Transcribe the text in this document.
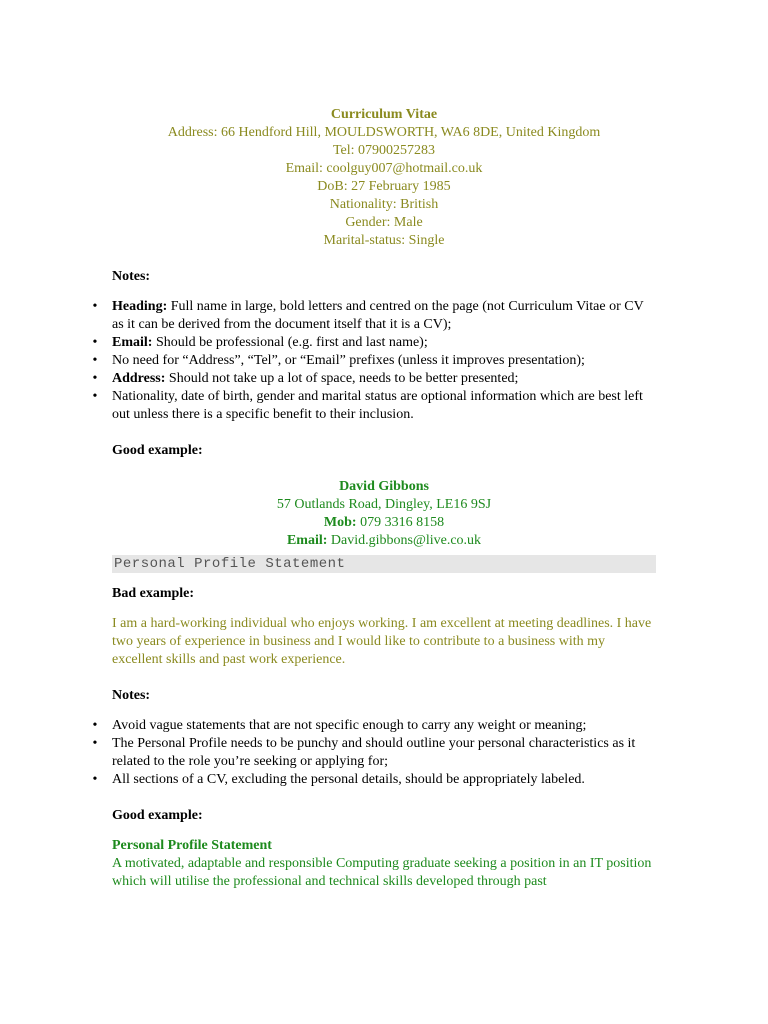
Curriculum Vitae

Address: 66 Hendford Hill, MOULDSWORTH, WA6 8DE, United Kingdom

Tel: 07900257283

Email: coolguy007@hotmail.co.uk

DoB: 27 February 1985

Nationality: British

Gender: Male

Marital-status: Single

Notes:

• Heading: Full name in large, bold letters and centred on the page (not Curriculum Vitae or CV as it can be derived from the document itself that it is a CV);
• Email: Should be professional (e.g. first and last name);
• No need for “Address”, “Tel”, or “Email” prefixes (unless it improves presentation);
• Address: Should not take up a lot of space, needs to be better presented;
• Nationality, date of birth, gender and marital status are optional information which are best left out unless there is a specific benefit to their inclusion.

Good example:

David Gibbons

57 Outlands Road, Dingley, LE16 9SJ

Mob: 079 3316 8158

Email: David.gibbons@live.co.uk

Personal Profile Statement

Bad example:

I am a hard-working individual who enjoys working. I am excellent at meeting deadlines. I have two years of experience in business and I would like to contribute to a business with my excellent skills and past work experience.

Notes:

• Avoid vague statements that are not specific enough to carry any weight or meaning;
• The Personal Profile needs to be punchy and should outline your personal characteristics as it related to the role you’re seeking or applying for;
• All sections of a CV, excluding the personal details, should be appropriately labeled.

Good example:

Personal Profile Statement

A motivated, adaptable and responsible Computing graduate seeking a position in an IT position which will utilise the professional and technical skills developed through past
